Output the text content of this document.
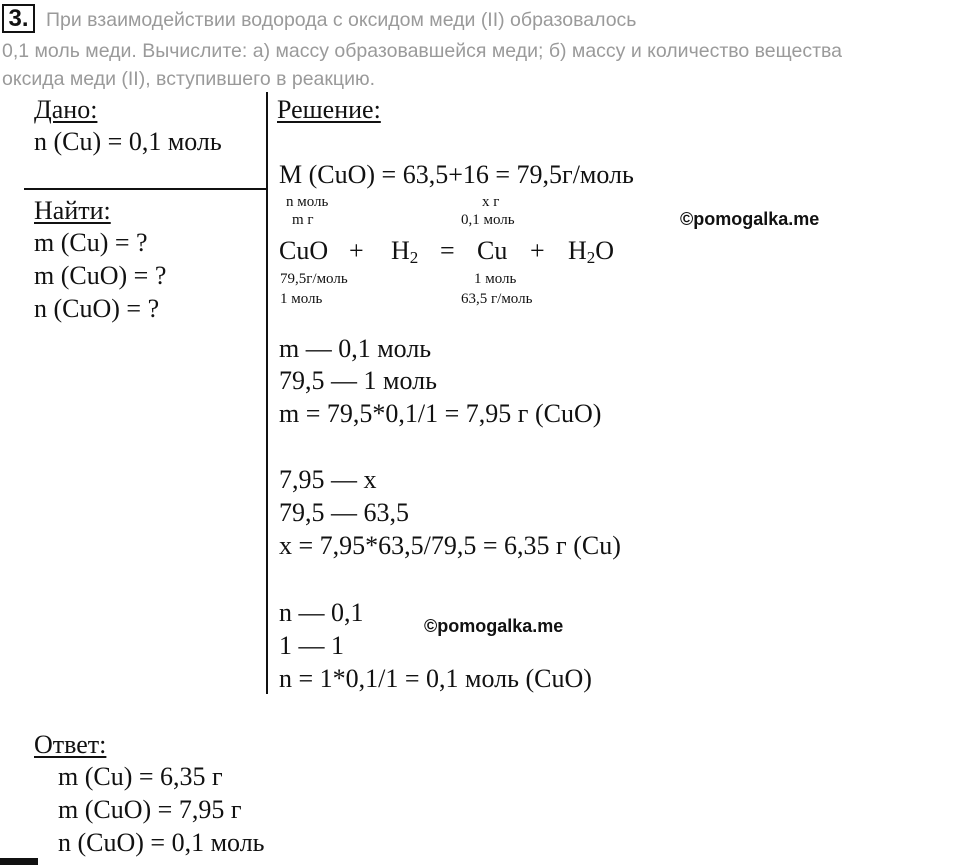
3. При взаимодействии водорода с оксидом меди (II) образовалось
0,1 моль меди. Вычислите: а) массу образовавшейся меди; б) массу и количество вещества
оксида меди (II), вступившего в реакцию.
Дано:
n (Cu) = 0,1 моль
Найти:
m (Cu) = ?
m (CuO) = ?
n (CuO) = ?
Решение:
M (CuO) = 63,5+16 = 79,5г/моль
n моль
m г
x г
0,1 моль	©pomogalka.me
CuO + $H_2 = Cu + H_2O$
79,5г/моль
1 моль
1 моль
63,5 г/моль
m — 0,1 моль
79,5 — 1 моль
m = 79,5*0,1/1 = 7,95 г (CuO)
7,95 — x
79,5 — 63,5
x = 7,95*63,5/79,5 = 6,35 г (Cu)
n — 0,1
1 — 1
n = 1*0,1/1 = 0,1 моль (CuO)
©pomogalka.me
Ответ:
m (Cu) = 6,35 г
m (CuO) = 7,95 г
n (CuO) = 0,1 моль
